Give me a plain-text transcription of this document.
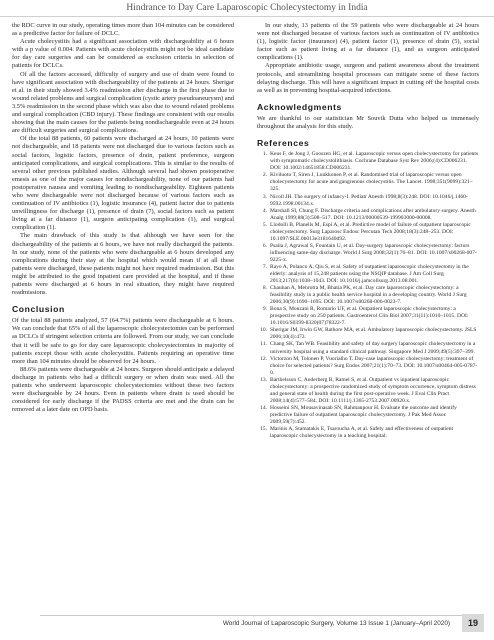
Hindrance to Day Care Laparoscopic Cholecystectomy in India

the RDC curve in our study, operating times more than 104 minutes can be considered as a predictive factor for failure of DCLC.

Acute cholecystitis had a significant association with dischargeability at 6 hours with a p value of 0.004. Patients with acute cholecystitis might not be ideal candidate for day care surgeries and can be considered as exclusion criteria in selection of patients for DCLCs.

Of all the factors accessed, difficulty of surgery and use of drain were found to have significant association with dischargeability of the patients at 24 hours. Sherigar et al. in their study showed 3.4% readmission after discharge in the first phase due to wound related problems and surgical complication (cystic artery pseudoaneurysm) and 3.5% readmission in the second phase which was also due to wound related problems and surgical complication (CBD injury). These findings are consistent with our results showing that the main causes for the patients being nondischargeable even at 24 hours are difficult surgeries and surgical complications.

Of the total 88 patients, 60 patients were discharged at 24 hours, 10 patients were not dischargeable, and 18 patients were not discharged due to various factors such as social factors, logistic factors, presence of drain, patient preference, surgeon anticipated complications, and surgical complications. This is similar to the results of several other previous published studies. Although several had shown postoperative emesis as one of the major causes for nondischargeability, none of our patients had postoperative nausea and vomiting leading to nondischargeability. Eighteen patients who were dischargeable were not discharged because of various factors such as continuation of IV antibiotics (1), logistic insurance (4), patient factor due to patients unwillingness for discharge (1), presence of drain (7), social factors such as patient living at a far distance (1), surgeon anticipating complication (1), and surgical complication (1).

The main drawback of this study is that although we have seen for the dischargeability of the patients at 6 hours, we have not really discharged the patients. In our study, none of the patients who were dischargeable at 6 hours developed any complications during their stay at the hospital which would mean if at all these patients were discharged, these patients might not have required readmission. But this might be attributed to the good inpatient care provided at the hospital, and if these patients were discharged at 6 hours in real situation, they might have required readmissions.

Conclusion

Of the total 88 patients analyzed, 57 (64.7%) patients were dischargeable at 6 hours. We can conclude that 65% of all the laparoscopic cholecystectomies can be performed as DCLCs if stringent selection criteria are followed. From our study, we can conclude that it will be safe to go for day care laparoscopic cholecystectomies in majority of patients except those with acute cholecystitis. Patients requiring an operative time more than 104 minutes should be observed for 24 hours.

88.6% patients were dischargeable at 24 hours. Surgeon should anticipate a delayed discharge in patients who had a difficult surgery or when drain was used. All the patients who underwent laparoscopic cholecystectomies without these two factors were dischargeable by 24 hours. Even in patients where drain is used should be considered for early discharge if the PADSS criteria are met and the drain can be removed at a later date on OPD basis.

In our study, 13 patients of the 59 patients who were dischargeable at 24 hours were not discharged because of various factors such as continuation of IV antibiotics (1), logistic factor (insurance) (4), patient factor (1), presence of drain (5), social factor such as patient living at a far distance (1), and as surgeon anticipated complications (1).

Appropriate antibiotic usage, surgeon and patient awareness about the treatment protocols, and streamlining hospital processes can mitigate some of these factors delaying discharge. This will have a significant impact in cutting off the hospital costs as well as in preventing hospital-acquired infections.

Acknowledgments

We are thankful to our statistician Mr Souvik Dutta who helped us immensely throughout the analysis for this study.

References
1. Keus F, de Jong J, Gooszen HG, et al. Laparoscopic versus open cholecystectomy for patients with symptomatic cholecystolithiasis. Cochrane Database Syst Rev 2006;(4):CD006231. DOI: 10.1002/14651858.CD006231.
2. Kiviluoto T, Siren J, Luukkonen P, et al. Randomised trial of laparoscopic versus open cholecystectomy for acute and gangrenous cholecystitis. The Lancet. 1998;351(9099):321–325.
3. Nicoll JH. The surgery of infancy-I. Pediatr Anesth 1998;8(3):248. DOI: 10.1046/j.1460-9592.1998.00134.x.
4. Marshall SI, Chung F. Discharge criteria and complications after ambulatory surgery. Anesth Analg 1999;88(3):508–517. DOI: 10.1213/00000539-199903000-00008.
5. Llodolli B, Planells M, Espi A, et al. Predictive model of failure of outpatient laparoscopic cholecystectomy. Surg Laparosc Endosc Percutan Tech 2008;18(3):248–253. DOI: 10.1097/SLE.0b013e3181640d92.
6. Psaila J, Agrawal S, Fountain U, et al. Day-surgery laparoscopic cholecystectomy: factors influencing same-day discharge. World J Surg 2008;32(1):76–81. DOI: 10.1007/s00268-007-9225-x.
7. Rayo A, Polanco A, Qiu S, et al. Safety of outpatient laparoscopic cholecystectomy in the elderly: analysis of 15,248 patients using the NSQIP database. J Am Coll Surg 2013;217(6):1038–1043. DOI: 10.1016/j.jamcollsurg.2013.08.001.
8. Chauhan A, Mehrotra M, Bhatia PK, et al. Day care laparoscopic cholecystectomy: a feasibility study in a public health service hospital in a developing country. World J Surg 2006;30(9):1690–1695. DOI: 10.1007/s00268-006-0023-7.
9. Bona S, Monzani R, Romario UF, et al. Outpatient laparoscopic cholecystectomy: a prospective study on 250 patients. Gastroenterol Clin Biol 2007;31(11):1010–1015. DOI: 10.1016/S0399-8320(07)78322-7.
10. Sherigar JM, Irwin GW, Rathore MA, et al. Ambulatory laparoscopic cholecystectomy. JSLS 2006;10(4):473.
11. Chang SK, Tan WB. Feasibility and safety of day surgery laparoscopic cholecystectomy in a university hospital using a standard clinical pathway. Singapore Med J 2009;49(5):397–399.
12. Victorzon M, Tolonen P, Vuorialho T. Day-case laparoscopic cholecystectomy: treatment of choice for selected patients? Surg Endos 2007;21(1):70–73. DOI: 10.1007/s00464-005-0787-0.
13. Barthelsson C, Anderberg B, Ramel S, et al. Outpatient vs inpatient laparoscopic cholecystectomy: a prospective randomized study of symptom occurrence, symptom distress and general state of health during the first post-operative week. J Eval Clin Pract 2008;14(4):577–584. DOI: 10.1111/j.1365-2753.2007.00920.x.
14. Hosseini SN, Mousavinasab SN, Rahmanpour H. Evaluate the outcome and identify predictive failure of outpatient laparoscopic cholecystectomy. J Pak Med Assoc 2009;59(7):452.
15. Marinis A, Stamatakis E, Tsaroucha A, et al. Safety and effectiveness of outpatient laparoscopic cholecystectomy in a teaching hospital:
World Journal of Laparoscopic Surgery, Volume 13 Issue 1 (January–April 2020)	19
